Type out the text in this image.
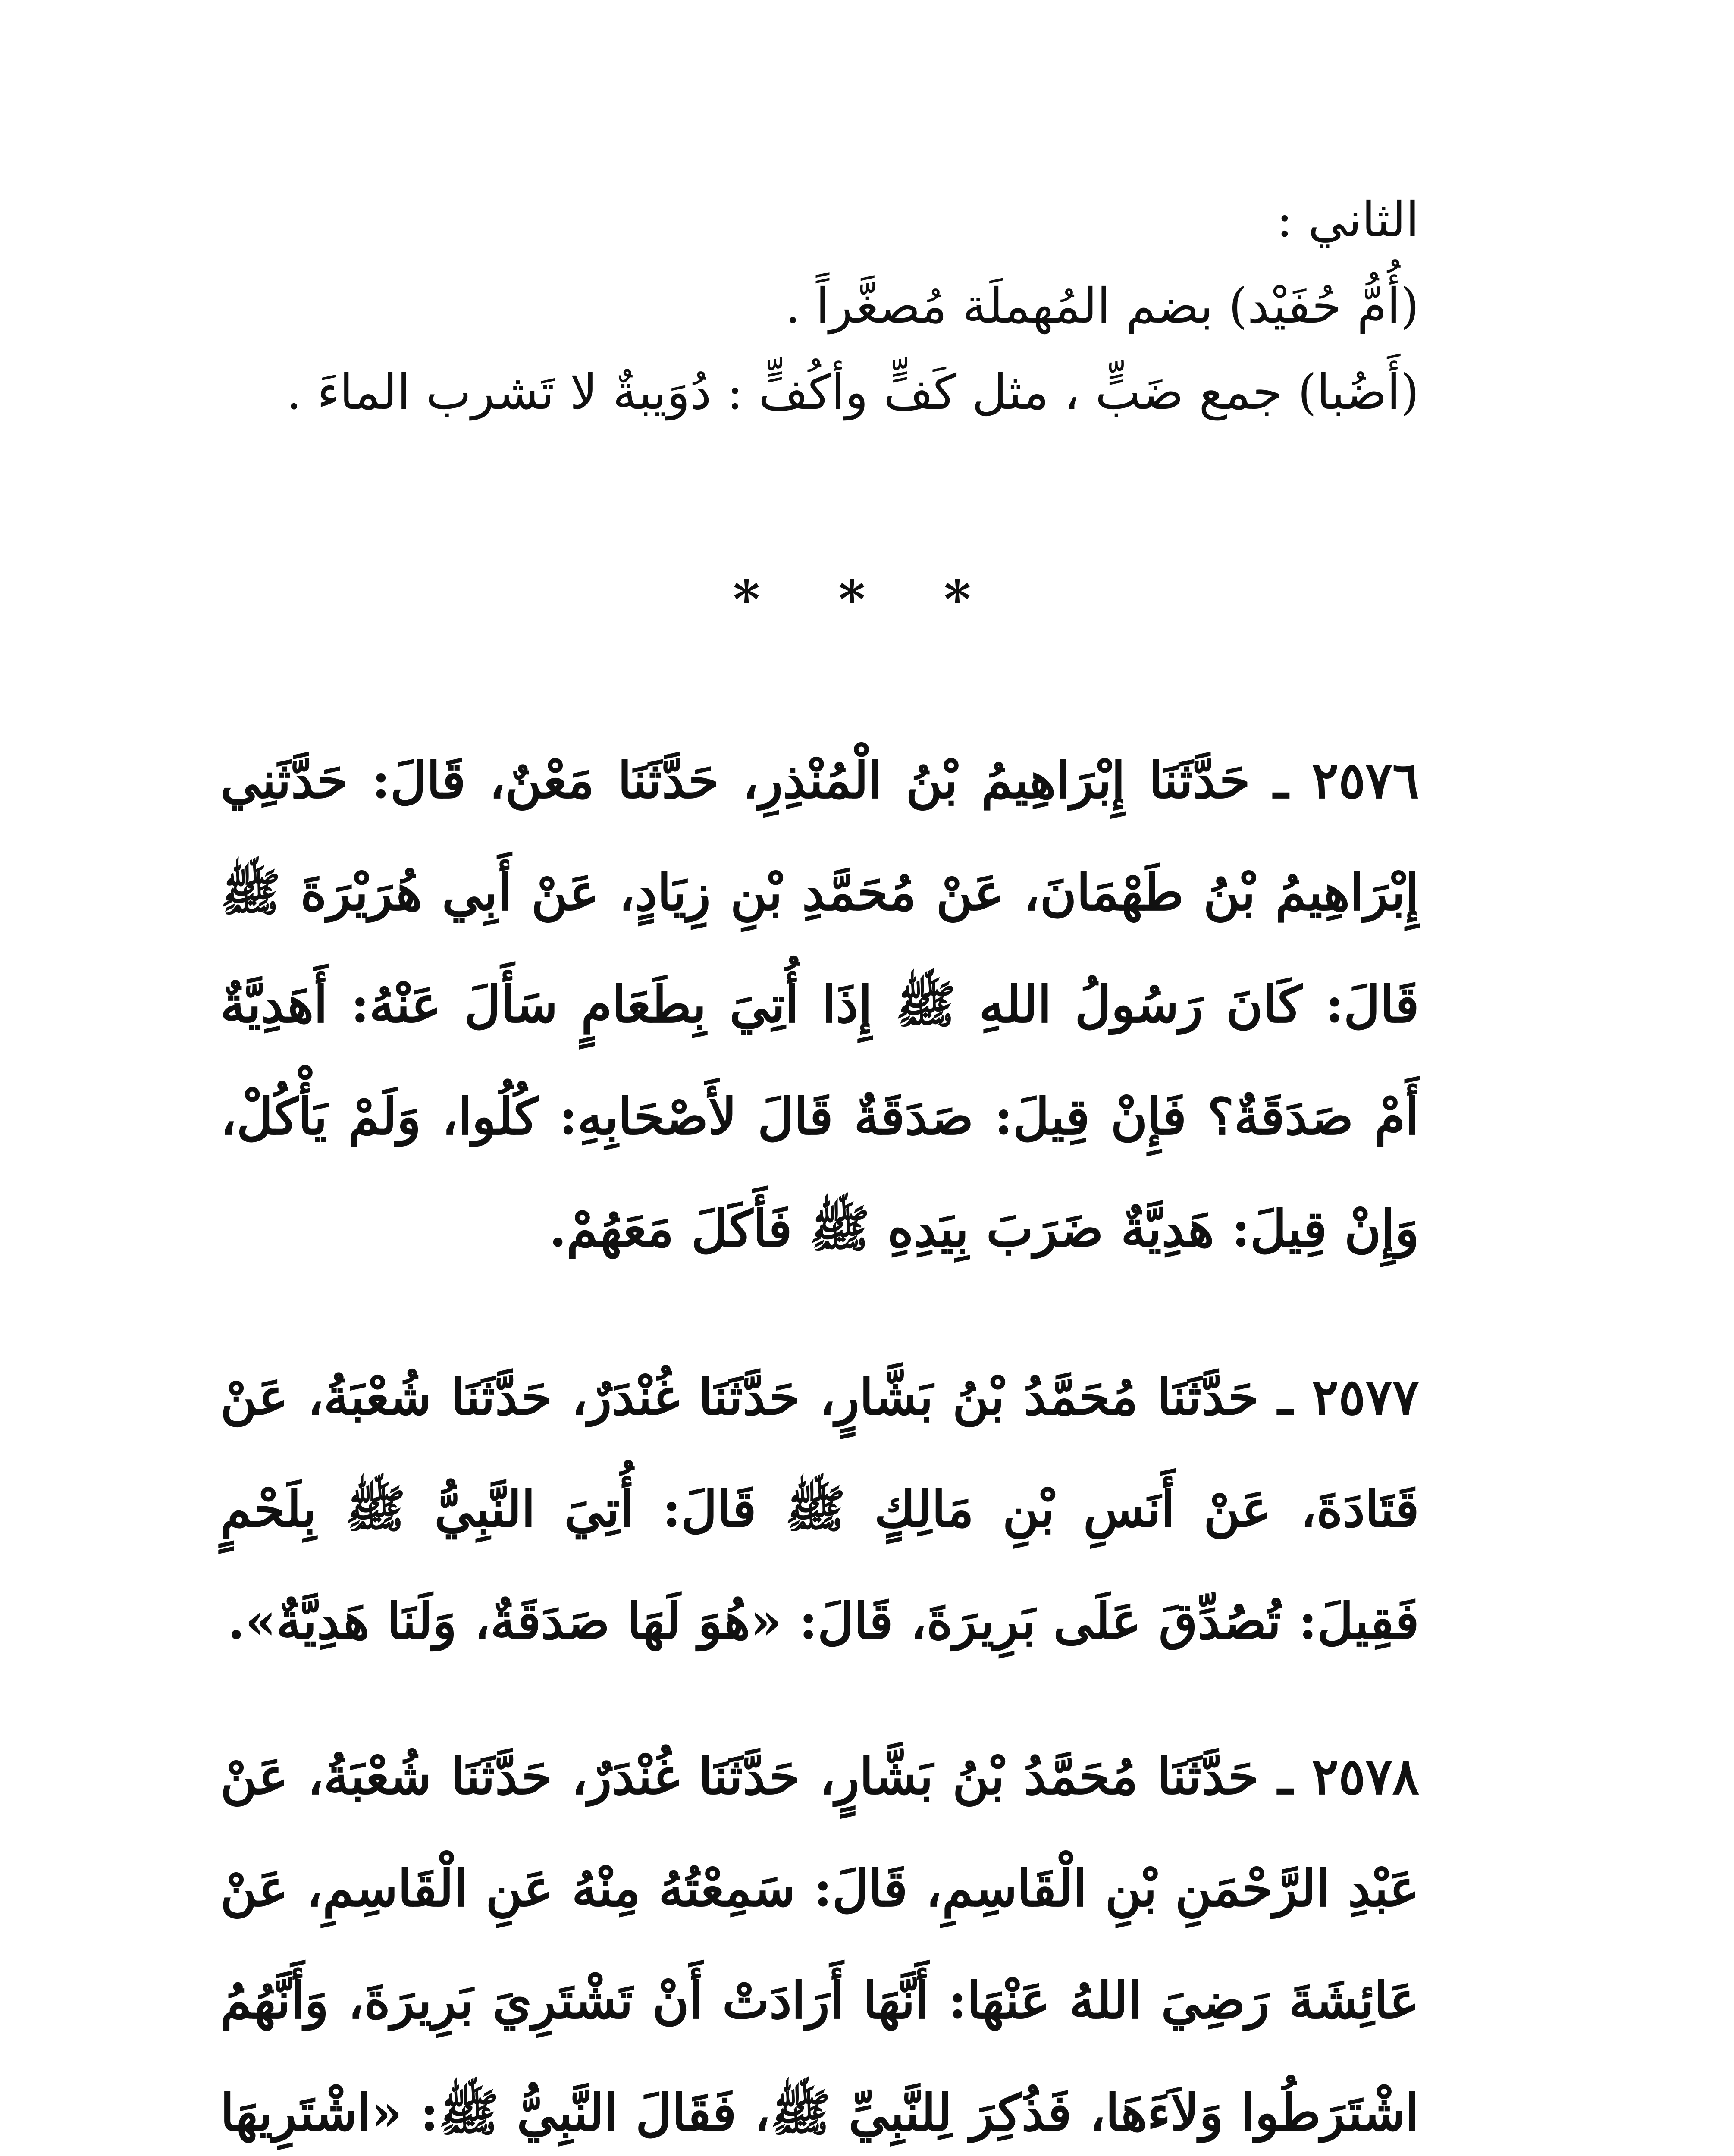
الثاني :
(أُمُّ حُفَيْد) بضم المُهملَة مُصغَّراً .
(أَضُبا) جمع ضَبٍّ ، مثل كَفٍّ وأكُفٍّ : دُوَيبةٌ لا تَشرب الماءَ .
* * *
٢٥٧٦ ـ حَدَّثَنَا إِبْرَاهِيمُ بْنُ الْمُنْذِرِ، حَدَّثَنَا مَعْنٌ، قَالَ: حَدَّثَنِي إِبْرَاهِيمُ بْنُ طَهْمَانَ، عَنْ مُحَمَّدِ بْنِ زِيَادٍ، عَنْ أَبِي هُرَيْرَةَ ﷺ قَالَ: كَانَ رَسُولُ اللهِ ﷺ إِذَا أُتِيَ بِطَعَامٍ سَأَلَ عَنْهُ: أَهَدِيَّةٌ أَمْ صَدَقَةٌ؟ فَإِنْ قِيلَ: صَدَقَةٌ قَالَ لأَصْحَابِهِ: كُلُوا، وَلَمْ يَأْكُلْ، وَإِنْ قِيلَ: هَدِيَّةٌ ضَرَبَ بِيَدِهِ ﷺ فَأَكَلَ مَعَهُمْ.
٢٥٧٧ ـ حَدَّثَنَا مُحَمَّدُ بْنُ بَشَّارٍ، حَدَّثَنَا غُنْدَرٌ، حَدَّثَنَا شُعْبَةُ، عَنْ قَتَادَةَ، عَنْ أَنَسِ بْنِ مَالِكٍ ﷺ قَالَ: أُتِيَ النَّبِيُّ ﷺ بِلَحْمٍ فَقِيلَ: تُصُدِّقَ عَلَى بَرِيرَةَ، قَالَ: «هُوَ لَهَا صَدَقَةٌ، وَلَنَا هَدِيَّةٌ».
٢٥٧٨ ـ حَدَّثَنَا مُحَمَّدُ بْنُ بَشَّارٍ، حَدَّثَنَا غُنْدَرٌ، حَدَّثَنَا شُعْبَةُ، عَنْ عَبْدِ الرَّحْمَنِ بْنِ الْقَاسِمِ، قَالَ: سَمِعْتُهُ مِنْهُ عَنِ الْقَاسِمِ، عَنْ عَائِشَةَ رَضِيَ اللهُ عَنْهَا: أَنَّهَا أَرَادَتْ أَنْ تَشْتَرِيَ بَرِيرَةَ، وَأَنَّهُمُ اشْتَرَطُوا وَلاَءَهَا، فَذُكِرَ لِلنَّبِيِّ ﷺ، فَقَالَ النَّبِيُّ ﷺ: «اشْتَرِيهَا
